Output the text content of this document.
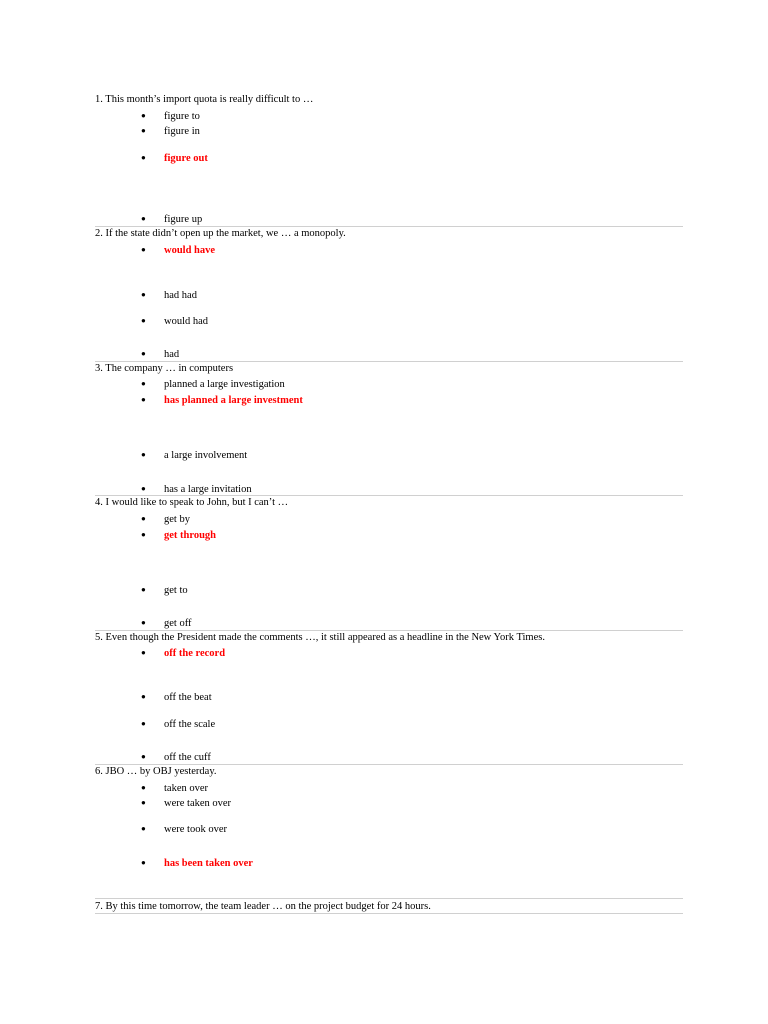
1. This month’s import quota is really difficult to …
● figure to
● figure in
● figure out
● figure up
2. If the state didn’t open up the market, we … a monopoly.
● would have
● had had
● would had
● had
3. The company … in computers
● planned a large investigation
● has planned a large investment
● a large involvement
● has a large invitation
4. I would like to speak to John, but I can’t …
● get by
● get through
● get to
● get off
5. Even though the President made the comments …, it still appeared as a headline in the New York Times.
● off the record
● off the beat
● off the scale
● off the cuff
6. JBO … by OBJ yesterday.
● taken over
● were taken over
● were took over
● has been taken over
7. By this time tomorrow, the team leader … on the project budget for 24 hours.
